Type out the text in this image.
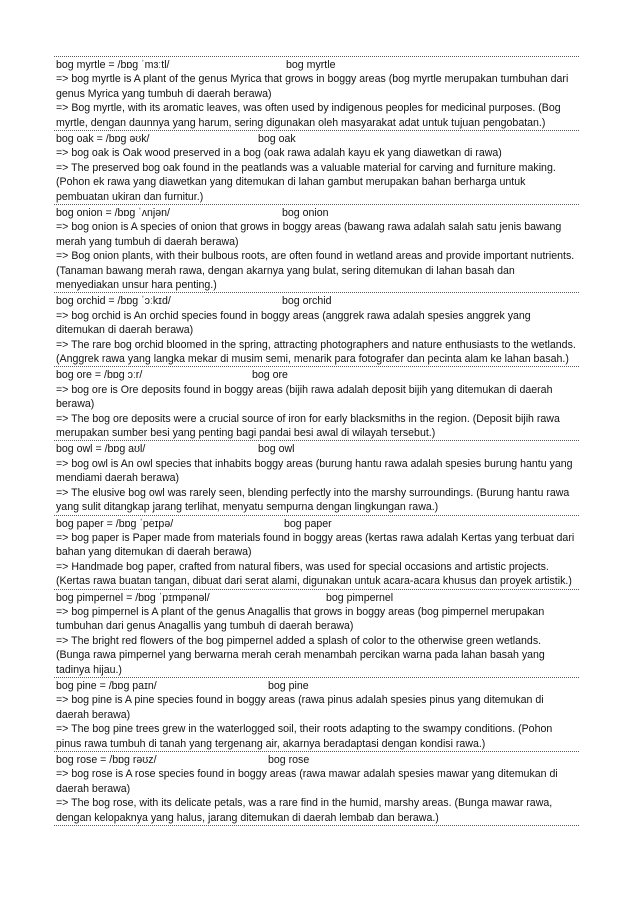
bog myrtle = /bɒg ˈmɜːtl/	bog myrtle

=> bog myrtle is A plant of the genus Myrica that grows in boggy areas (bog myrtle merupakan tumbuhan dari genus Myrica yang tumbuh di daerah berawa)

=> Bog myrtle, with its aromatic leaves, was often used by indigenous peoples for medicinal purposes. (Bog myrtle, dengan daunnya yang harum, sering digunakan oleh masyarakat adat untuk tujuan pengobatan.)

bog oak = /bɒg əʊk/	bog oak

=> bog oak is Oak wood preserved in a bog (oak rawa adalah kayu ek yang diawetkan di rawa)

=> The preserved bog oak found in the peatlands was a valuable material for carving and furniture making. (Pohon ek rawa yang diawetkan yang ditemukan di lahan gambut merupakan bahan berharga untuk pembuatan ukiran dan furnitur.)

bog onion = /bɒg ˈʌnjən/	bog onion

=> bog onion is A species of onion that grows in boggy areas (bawang rawa adalah salah satu jenis bawang merah yang tumbuh di daerah berawa)

=> Bog onion plants, with their bulbous roots, are often found in wetland areas and provide important nutrients. (Tanaman bawang merah rawa, dengan akarnya yang bulat, sering ditemukan di lahan basah dan menyediakan unsur hara penting.)

bog orchid = /bɒg ˈɔːkɪd/	bog orchid

=> bog orchid is An orchid species found in boggy areas (anggrek rawa adalah spesies anggrek yang ditemukan di daerah berawa)

=> The rare bog orchid bloomed in the spring, attracting photographers and nature enthusiasts to the wetlands. (Anggrek rawa yang langka mekar di musim semi, menarik para fotografer dan pecinta alam ke lahan basah.)

bog ore = /bɒg ɔːr/	bog ore

=> bog ore is Ore deposits found in boggy areas (bijih rawa adalah deposit bijih yang ditemukan di daerah berawa)

=> The bog ore deposits were a crucial source of iron for early blacksmiths in the region. (Deposit bijih rawa merupakan sumber besi yang penting bagi pandai besi awal di wilayah tersebut.)

bog owl = /bɒg aʊl/	bog owl

=> bog owl is An owl species that inhabits boggy areas (burung hantu rawa adalah spesies burung hantu yang mendiami daerah berawa)

=> The elusive bog owl was rarely seen, blending perfectly into the marshy surroundings. (Burung hantu rawa yang sulit ditangkap jarang terlihat, menyatu sempurna dengan lingkungan rawa.)

bog paper = /bɒg ˈpeɪpə/	bog paper

=> bog paper is Paper made from materials found in boggy areas (kertas rawa adalah Kertas yang terbuat dari bahan yang ditemukan di daerah berawa)

=> Handmade bog paper, crafted from natural fibers, was used for special occasions and artistic projects. (Kertas rawa buatan tangan, dibuat dari serat alami, digunakan untuk acara-acara khusus dan proyek artistik.)

bog pimpernel = /bɒg ˈpɪmpənəl/	bog pimpernel

=> bog pimpernel is A plant of the genus Anagallis that grows in boggy areas (bog pimpernel merupakan tumbuhan dari genus Anagallis yang tumbuh di daerah berawa)

=> The bright red flowers of the bog pimpernel added a splash of color to the otherwise green wetlands. (Bunga rawa pimpernel yang berwarna merah cerah menambah percikan warna pada lahan basah yang tadinya hijau.)

bog pine = /bɒg paɪn/	bog pine

=> bog pine is A pine species found in boggy areas (rawa pinus adalah spesies pinus yang ditemukan di daerah berawa)

=> The bog pine trees grew in the waterlogged soil, their roots adapting to the swampy conditions. (Pohon pinus rawa tumbuh di tanah yang tergenang air, akarnya beradaptasi dengan kondisi rawa.)

bog rose = /bɒg rəʊz/	bog rose

=> bog rose is A rose species found in boggy areas (rawa mawar adalah spesies mawar yang ditemukan di daerah berawa)

=> The bog rose, with its delicate petals, was a rare find in the humid, marshy areas. (Bunga mawar rawa, dengan kelopaknya yang halus, jarang ditemukan di daerah lembab dan berawa.)
